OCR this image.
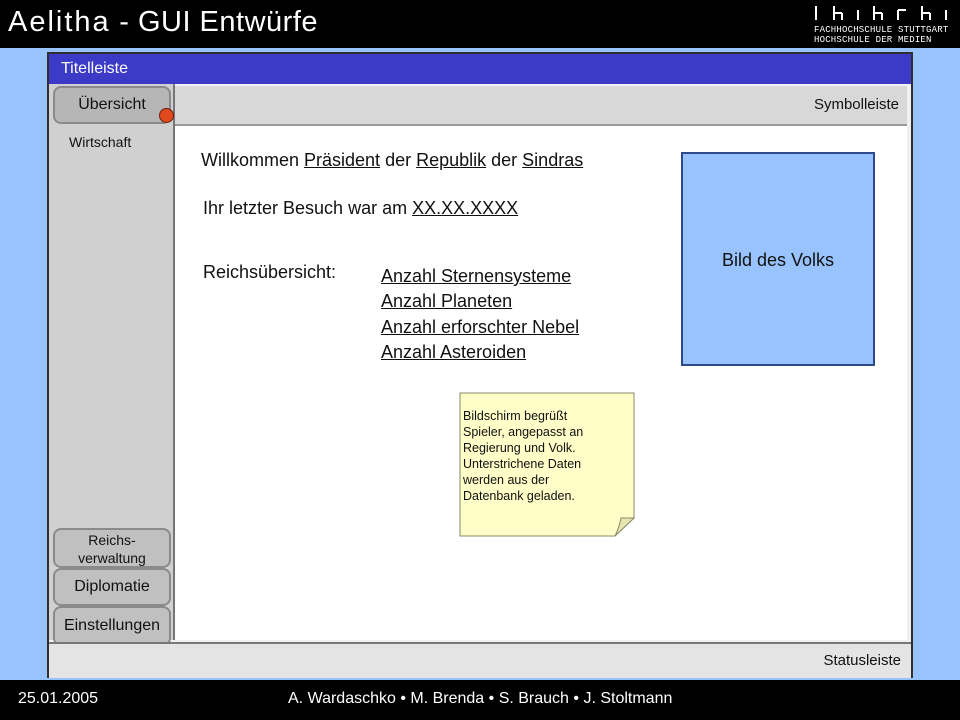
Aelitha - GUI Entwürfe	FACHHOCHSCHULE STUTTGART
HOCHSCHULE DER MEDIEN
Titelleiste
Übersicht
Wirtschaft
Reichs-
verwaltung
Diplomatie
Einstellungen
Symbolleiste
Willkommen Präsident der Republik der Sindras
Ihr letzter Besuch war am XX.XX.XXXX
Reichsübersicht: Anzahl Sternensysteme
Anzahl Planeten
Anzahl erforschter Nebel
Anzahl Asteroiden
Bild des Volks
Bildschirm begrüßt
Spieler, angepasst an
Regierung und Volk.
Unterstrichene Daten
werden aus der
Datenbank geladen.
Statusleiste
25.01.2005	A. Wardaschko • M. Brenda • S. Brauch • J. Stoltmann
